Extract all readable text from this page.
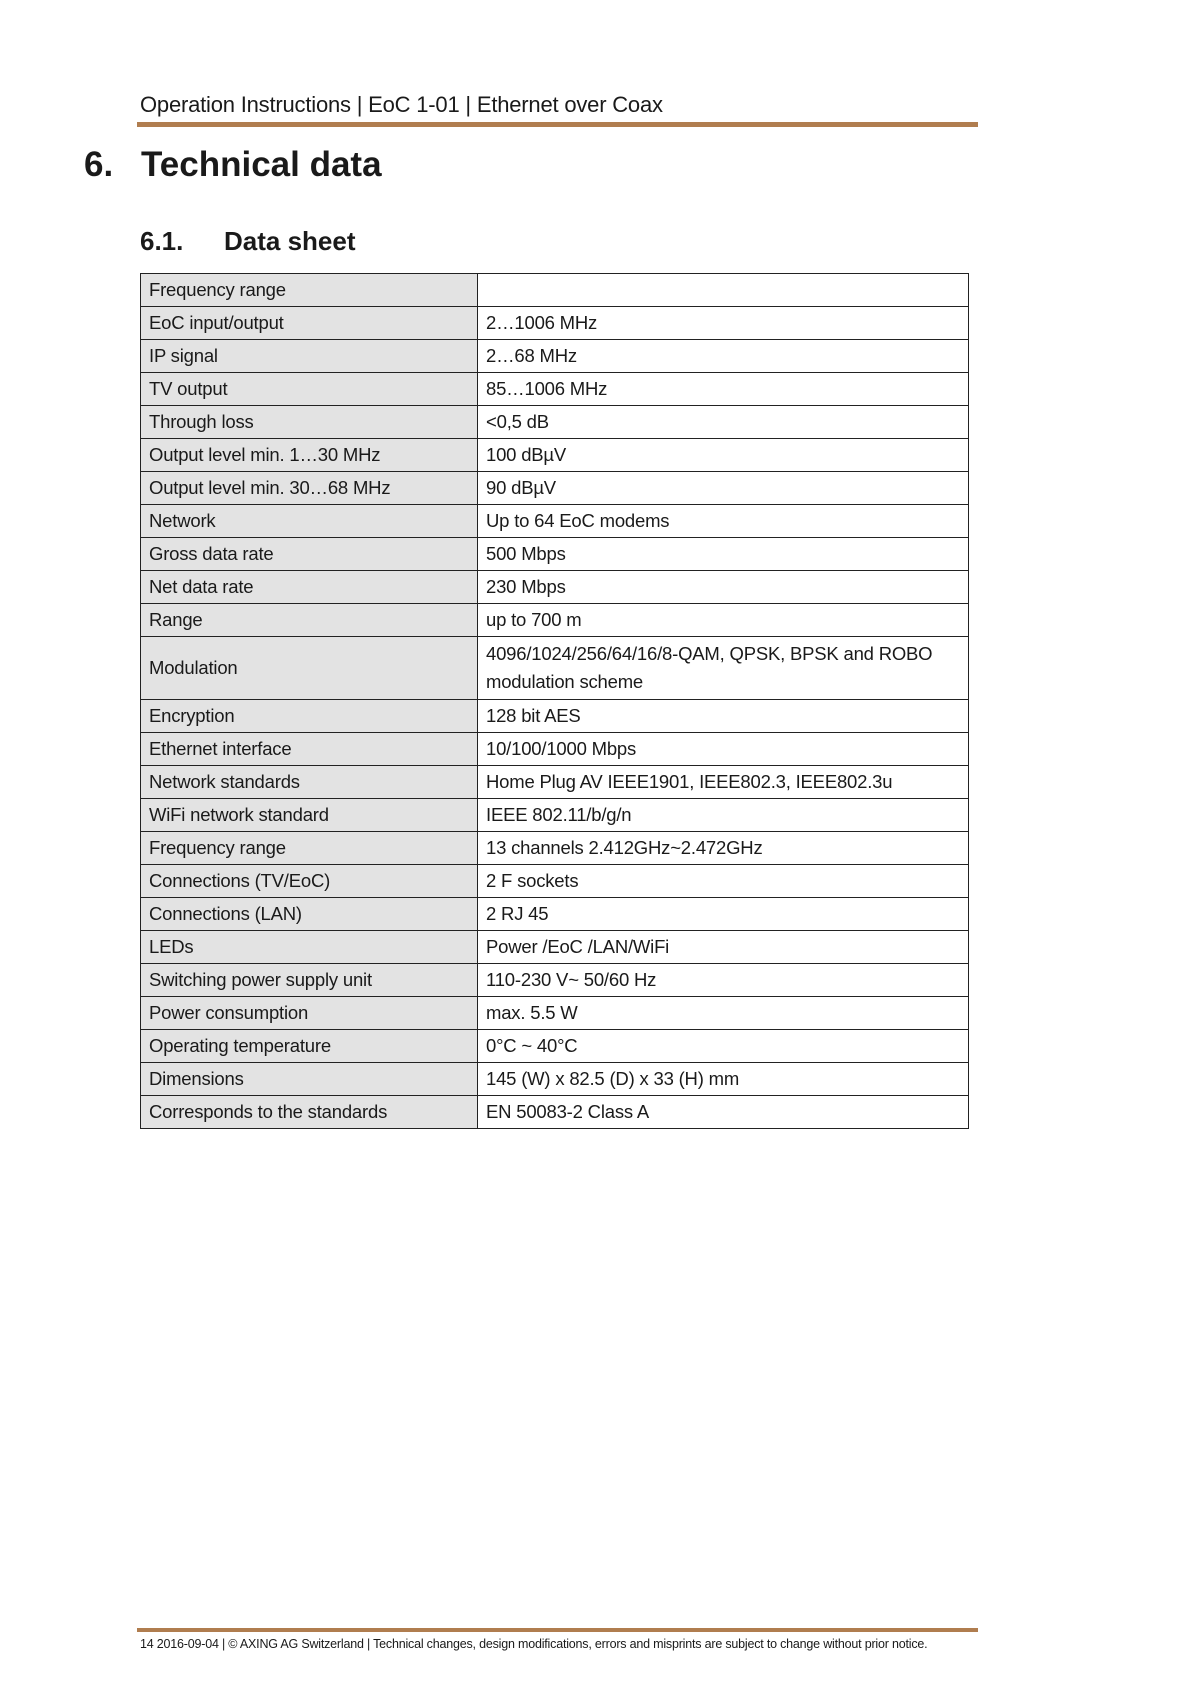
Operation Instructions | EoC 1-01 | Ethernet over Coax
6. Technical data
6.1. Data sheet
Frequency range	
EoC input/output	2…1006 MHz
IP signal	2…68 MHz
TV output	85…1006 MHz
Through loss	<0,5 dB
Output level min. 1…30 MHz	100 dBµV
Output level min. 30…68 MHz	90 dBµV
Network	Up to 64 EoC modems
Gross data rate	500 Mbps
Net data rate	230 Mbps
Range	up to 700 m
Modulation	4096/1024/256/64/16/8-QAM, QPSK, BPSK and ROBO modulation scheme
Encryption	128 bit AES
Ethernet interface	10/100/1000 Mbps
Network standards	Home Plug AV IEEE1901, IEEE802.3, IEEE802.3u
WiFi network standard	IEEE 802.11/b/g/n
Frequency range	13 channels 2.412GHz~2.472GHz
Connections (TV/EoC)	2 F sockets
Connections (LAN)	2 RJ 45
LEDs	Power /EoC /LAN/WiFi
Switching power supply unit	110-230 V~ 50/60 Hz
Power consumption	max. 5.5 W
Operating temperature	0°C ~ 40°C
Dimensions	145 (W) x 82.5 (D) x 33 (H) mm
Corresponds to the standards	EN 50083-2 Class A
14 2016-09-04 | © AXING AG Switzerland | Technical changes, design modifications, errors and misprints are subject to change without prior notice.
